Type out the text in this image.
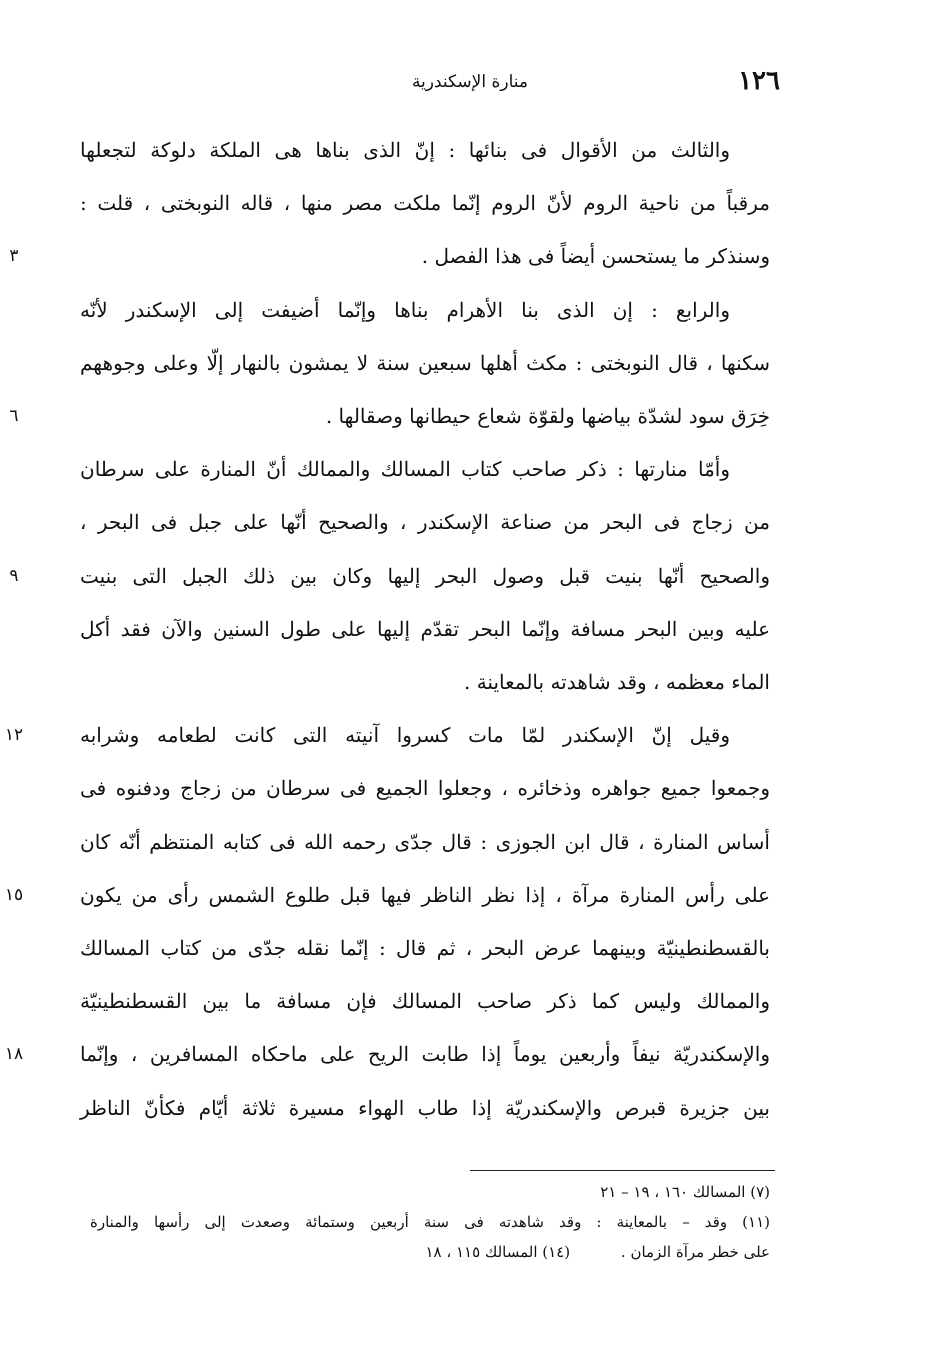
١٢٦
منارة الإسكندرية
والثالث من الأقوال فى بنائها : إنّ الذى بناها هى الملكة دلوكة لتجعلها
مرقباً من ناحية الروم لأنّ الروم إنّما ملكت مصر منها ، قاله النوبختى ، قلت :
وسنذكر ما يستحسن أيضاً فى هذا الفصل .
٣
والرابع : إن الذى بنا الأهرام بناها وإنّما أضيفت إلى الإسكندر لأنّه
سكنها ، قال النوبختى : مكث أهلها سبعين سنة لا يمشون بالنهار إلّا وعلى وجوههم
خِرَق سود لشدّة بياضها ولقوّة شعاع حيطانها وصقالها .
٦
وأمّا منارتها : ذكر صاحب كتاب المسالك والممالك أنّ المنارة على سرطان
من زجاج فى البحر من صناعة الإسكندر ، والصحيح أنّها على جبل فى البحر ،
والصحيح أنّها بنيت قبل وصول البحر إليها وكان بين ذلك الجبل التى بنيت
٩
عليه وبين البحر مسافة وإنّما البحر تقدّم إليها على طول السنين والآن فقد أكل
الماء معظمه ، وقد شاهدته بالمعاينة .
وقيل إنّ الإسكندر لمّا مات كسروا آنيته التى كانت لطعامه وشرابه
١٢
وجمعوا جميع جواهره وذخائره ، وجعلوا الجميع فى سرطان من زجاج ودفنوه فى
أساس المنارة ، قال ابن الجوزى : قال جدّى رحمه الله فى كتابه المنتظم أنّه كان
على رأس المنارة مرآة ، إذا نظر الناظر فيها قبل طلوع الشمس رأى من يكون
١٥
بالقسطنطينيّة وبينهما عرض البحر ، ثم قال : إنّما نقله جدّى من كتاب المسالك
والممالك وليس كما ذكر صاحب المسالك فإن مسافة ما بين القسطنطينيّة
والإسكندريّة نيفاً وأربعين يوماً إذا طابت الريح على ماحكاه المسافرين ، وإنّما
١٨
بين جزيرة قبرص والإسكندريّة إذا طاب الهواء مسيرة ثلاثة أيّام فكأنّ الناظر
(٧) المسالك ١٦٠ ، ١٩ – ٢١
(١١) وقد – بالمعاينة : وقد شاهدته فى سنة أربعين وستمائة وصعدت إلى رأسها والمنارة
على خطر مرآة الزمان . (١٤) المسالك ١١٥ ، ١٨
